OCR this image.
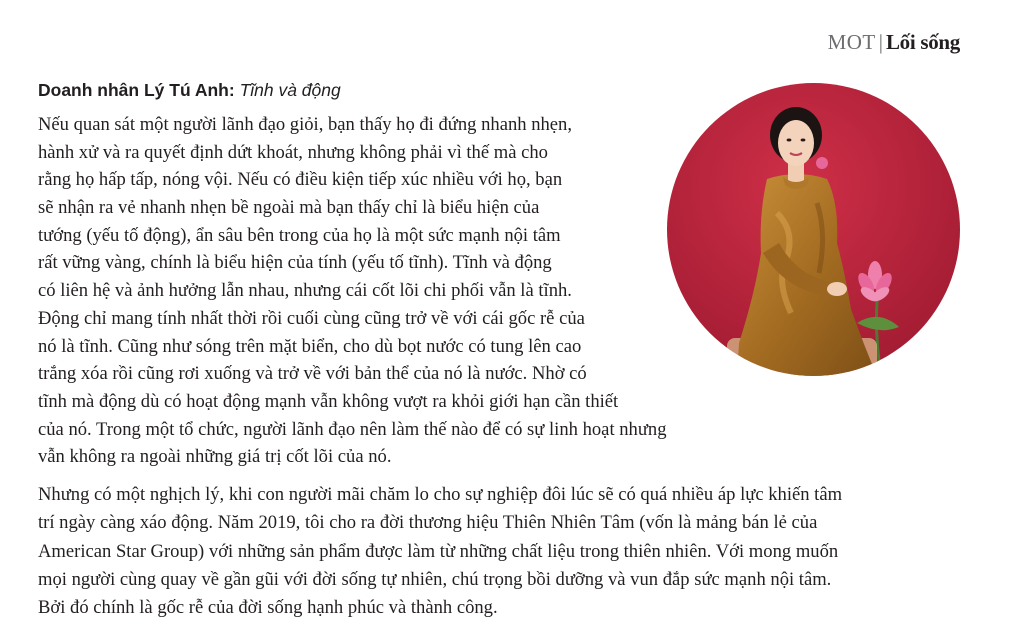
MOT | Lối sống
Doanh nhân Lý Tú Anh: Tĩnh và động
Nếu quan sát một người lãnh đạo giỏi, bạn thấy họ đi đứng nhanh nhẹn,
hành xử và ra quyết định dứt khoát, nhưng không phải vì thế mà cho
rằng họ hấp tấp, nóng vội. Nếu có điều kiện tiếp xúc nhiều với họ, bạn
sẽ nhận ra vẻ nhanh nhẹn bề ngoài mà bạn thấy chỉ là biểu hiện của
tướng (yếu tố động), ẩn sâu bên trong của họ là một sức mạnh nội tâm
rất vững vàng, chính là biểu hiện của tính (yếu tố tĩnh). Tĩnh và động
có liên hệ và ảnh hưởng lẫn nhau, nhưng cái cốt lõi chi phối vẫn là tĩnh.
Động chỉ mang tính nhất thời rồi cuối cùng cũng trở về với cái gốc rễ của
nó là tĩnh. Cũng như sóng trên mặt biển, cho dù bọt nước có tung lên cao
trắng xóa rồi cũng rơi xuống và trở về với bản thể của nó là nước. Nhờ có
tĩnh mà động dù có hoạt động mạnh vẫn không vượt ra khỏi giới hạn cần thiết
của nó. Trong một tổ chức, người lãnh đạo nên làm thế nào để có sự linh hoạt nhưng
vẫn không ra ngoài những giá trị cốt lõi của nó.
Nhưng có một nghịch lý, khi con người mãi chăm lo cho sự nghiệp đôi lúc sẽ có quá nhiều áp lực khiến tâm
trí ngày càng xáo động. Năm 2019, tôi cho ra đời thương hiệu Thiên Nhiên Tâm (vốn là mảng bán lẻ của
American Star Group) với những sản phẩm được làm từ những chất liệu trong thiên nhiên. Với mong muốn
mọi người cùng quay về gần gũi với đời sống tự nhiên, chú trọng bồi dưỡng và vun đắp sức mạnh nội tâm.
Bởi đó chính là gốc rễ của đời sống hạnh phúc và thành công.
